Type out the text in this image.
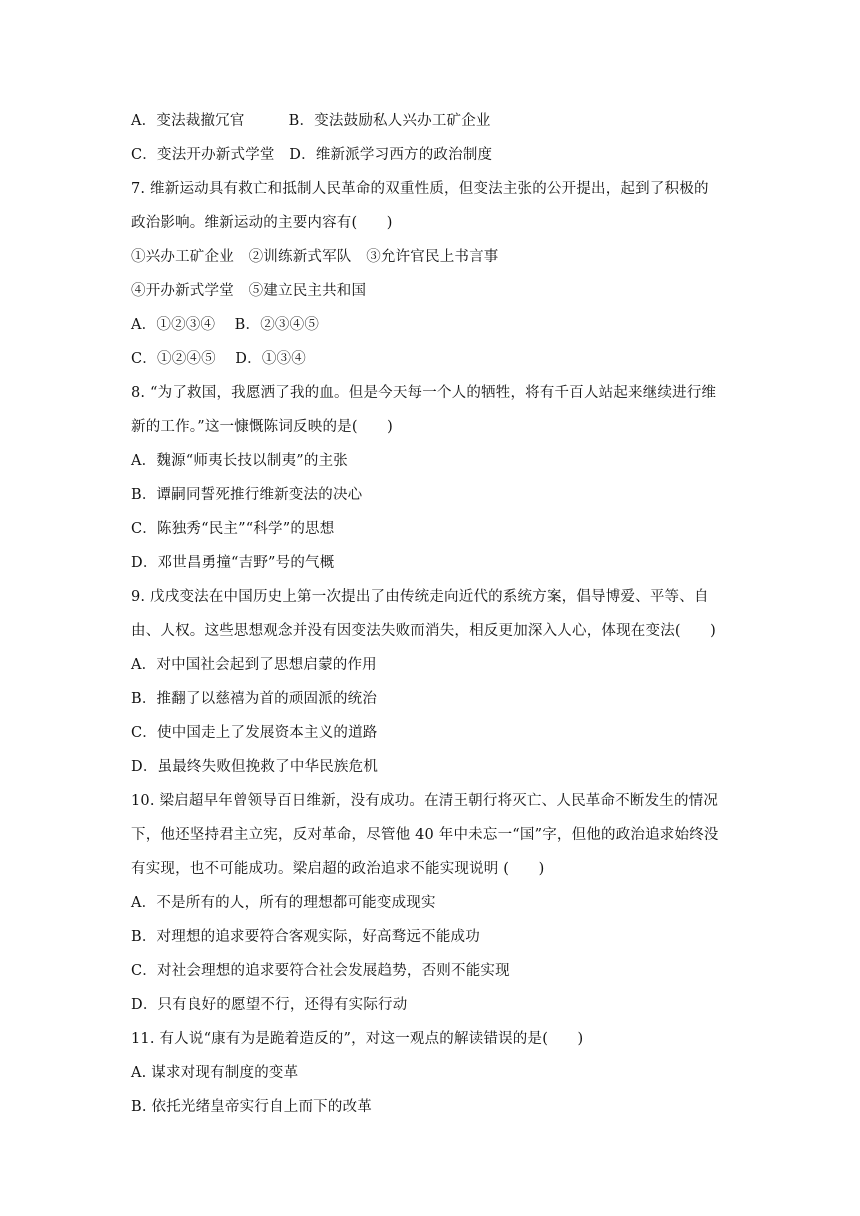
A．变法裁撤冗官　　　B．变法鼓励私人兴办工矿企业
C．变法开办新式学堂　D．维新派学习西方的政治制度
7. 维新运动具有救亡和抵制人民革命的双重性质，但变法主张的公开提出，起到了积极的
政治影响。维新运动的主要内容有(　　)
①兴办工矿企业　②训练新式军队　③允许官民上书言事
④开办新式学堂　⑤建立民主共和国
A．①②③④　 B．②③④⑤
C．①②④⑤　 D．①③④
8. “为了救国，我愿洒了我的血。但是今天每一个人的牺牲，将有千百人站起来继续进行维
新的工作。”这一慷慨陈词反映的是(　　)
A．魏源“师夷长技以制夷”的主张
B．谭嗣同誓死推行维新变法的决心
C．陈独秀“民主”“科学”的思想
D．邓世昌勇撞“吉野”号的气概
9. 戊戌变法在中国历史上第一次提出了由传统走向近代的系统方案，倡导博爱、平等、自
由、人权。这些思想观念并没有因变法失败而消失，相反更加深入人心，体现在变法(　　)
A．对中国社会起到了思想启蒙的作用
B．推翻了以慈禧为首的顽固派的统治
C．使中国走上了发展资本主义的道路
D．虽最终失败但挽救了中华民族危机
10. 梁启超早年曾领导百日维新，没有成功。在清王朝行将灭亡、人民革命不断发生的情况
下，他还坚持君主立宪，反对革命，尽管他 40 年中未忘一“国”字，但他的政治追求始终没
有实现，也不可能成功。梁启超的政治追求不能实现说明 (　　)
A．不是所有的人，所有的理想都可能变成现实
B．对理想的追求要符合客观实际，好高骛远不能成功
C．对社会理想的追求要符合社会发展趋势，否则不能实现
D．只有良好的愿望不行，还得有实际行动
11. 有人说“康有为是跪着造反的”，对这一观点的解读错误的是(　　)
A. 谋求对现有制度的变革
B. 依托光绪皇帝实行自上而下的改革
